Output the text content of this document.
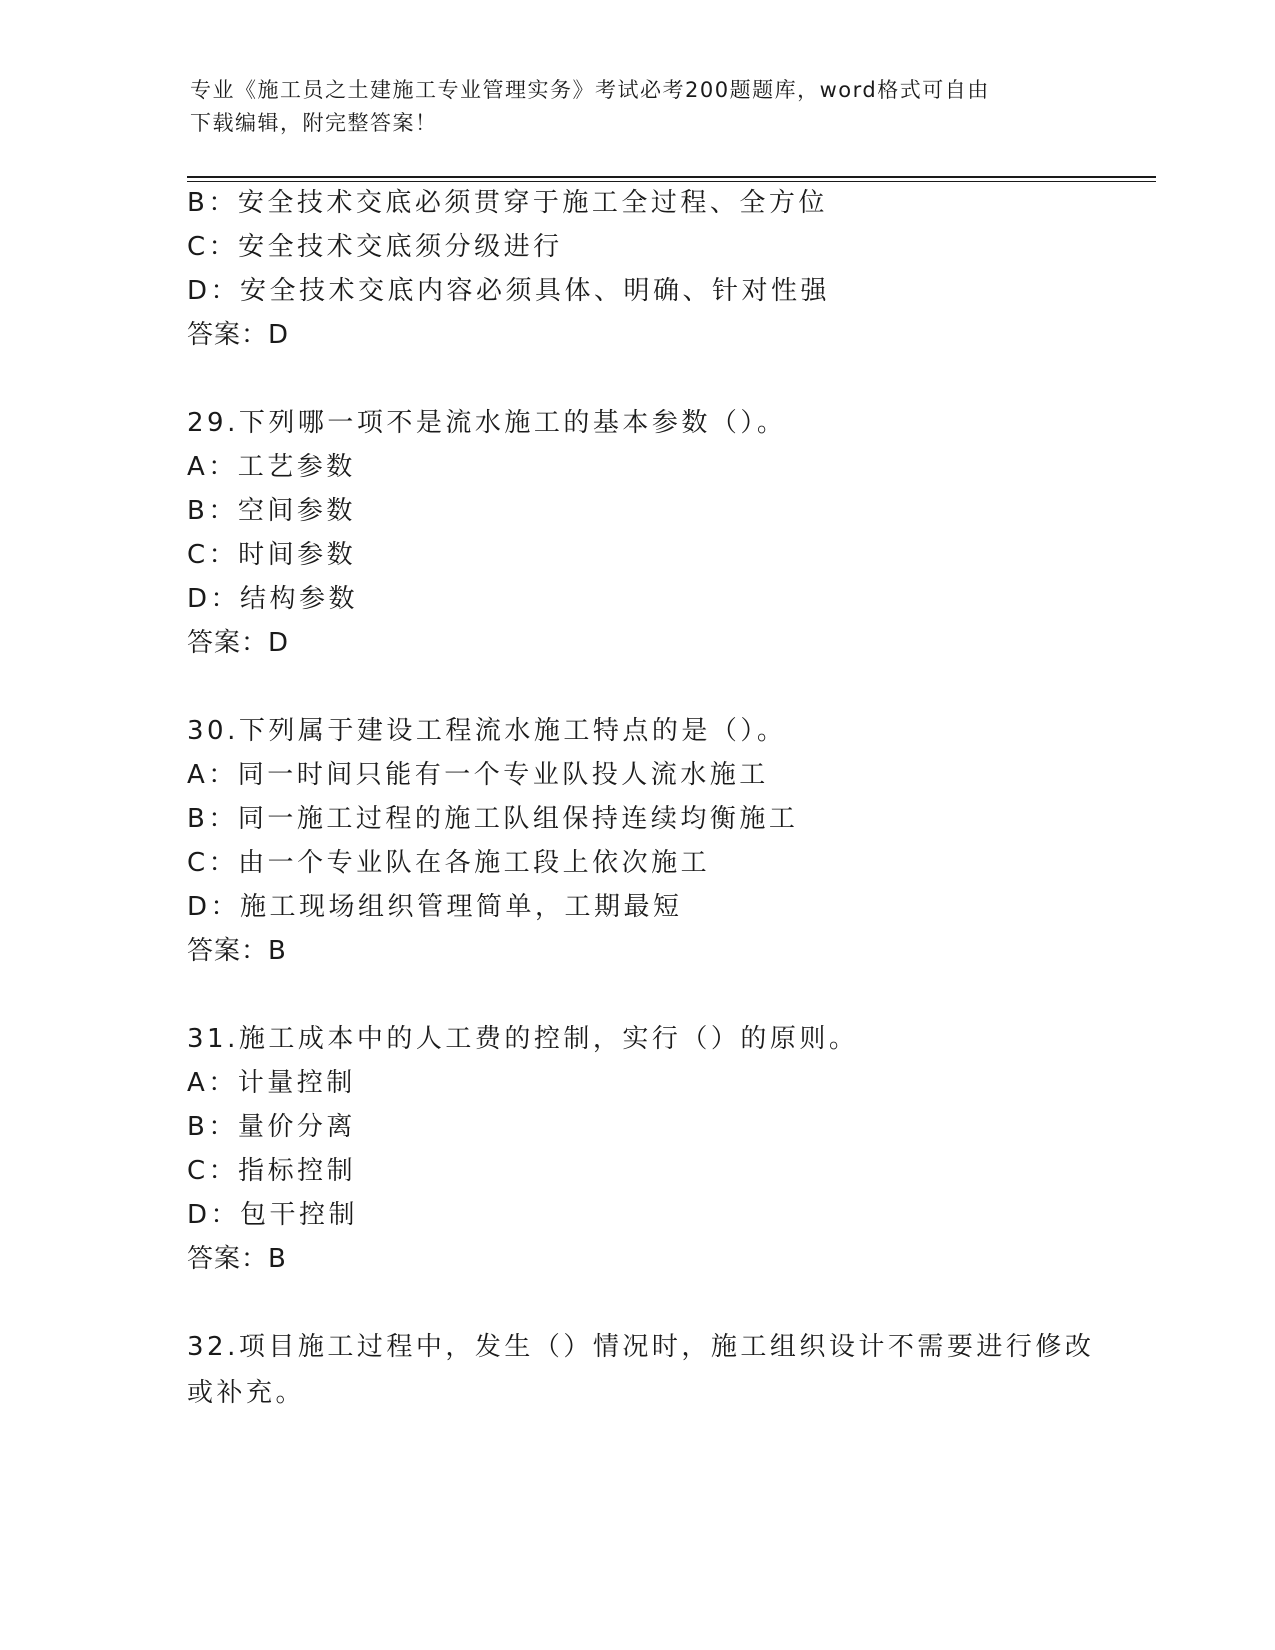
专业《施工员之土建施工专业管理实务》考试必考200题题库，word格式可自由
下载编辑，附完整答案！
B：安全技术交底必须贯穿于施工全过程、全方位
C：安全技术交底须分级进行
D：安全技术交底内容必须具体、明确、针对性强
答案：D
29.下列哪一项不是流水施工的基本参数（）。
A：工艺参数
B：空间参数
C：时间参数
D：结构参数
答案：D
30.下列属于建设工程流水施工特点的是（）。
A：同一时间只能有一个专业队投人流水施工
B：同一施工过程的施工队组保持连续均衡施工
C：由一个专业队在各施工段上依次施工
D：施工现场组织管理简单，工期最短
答案：B
31.施工成本中的人工费的控制，实行（）的原则。
A：计量控制
B：量价分离
C：指标控制
D：包干控制
答案：B
32.项目施工过程中，发生（）情况时，施工组织设计不需要进行修改
或补充。
